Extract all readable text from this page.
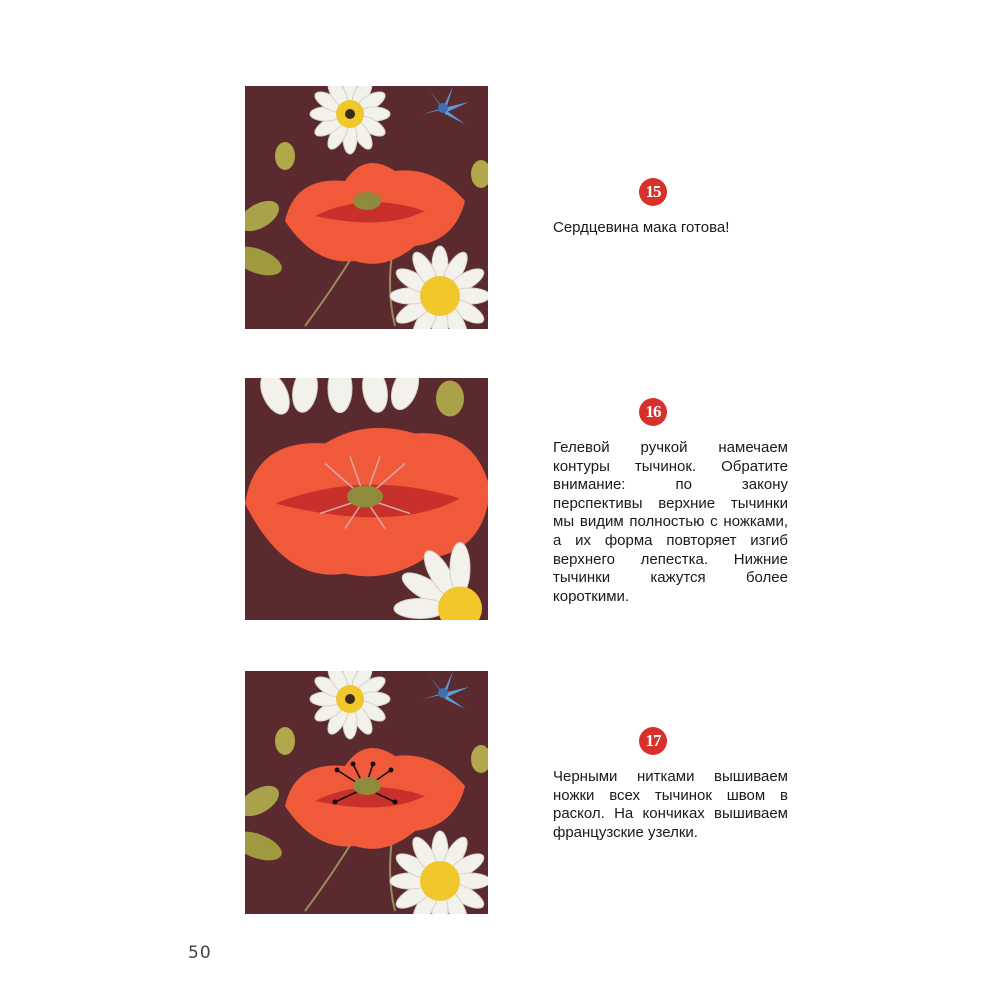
15
Сердцевина мака готова!
16
Гелевой ручкой намечаем контуры тычинок. Обратите внимание: по закону перспективы верхние тычинки мы видим полностью с ножками, а их форма повторяет изгиб верхнего лепестка. Нижние тычинки кажутся более короткими.
17
Черными нитками вышиваем ножки всех тычинок швом в раскол. На кончиках вышиваем французские узелки.
50
